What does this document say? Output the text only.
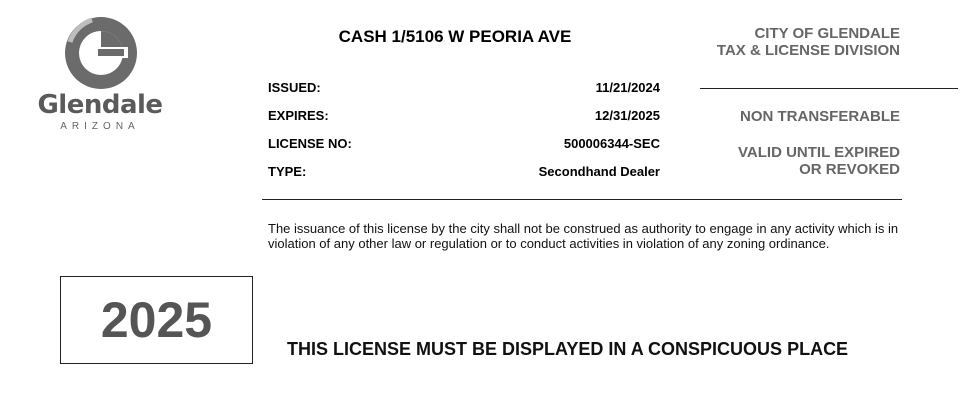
Glendale
ARIZONA
CASH 1/5106 W PEORIA AVE	CITY OF GLENDALE
TAX & LICENSE DIVISION
ISSUED:	11/21/2024
EXPIRES:	12/31/2025
LICENSE NO:	500006344-SEC
TYPE:	Secondhand Dealer
NON TRANSFERABLE
VALID UNTIL EXPIRED
OR REVOKED
The issuance of this license by the city shall not be construed as authority to engage in any activity which is in violation of any other law or regulation or to conduct activities in violation of any zoning ordinance.
2025
THIS LICENSE MUST BE DISPLAYED IN A CONSPICUOUS PLACE
